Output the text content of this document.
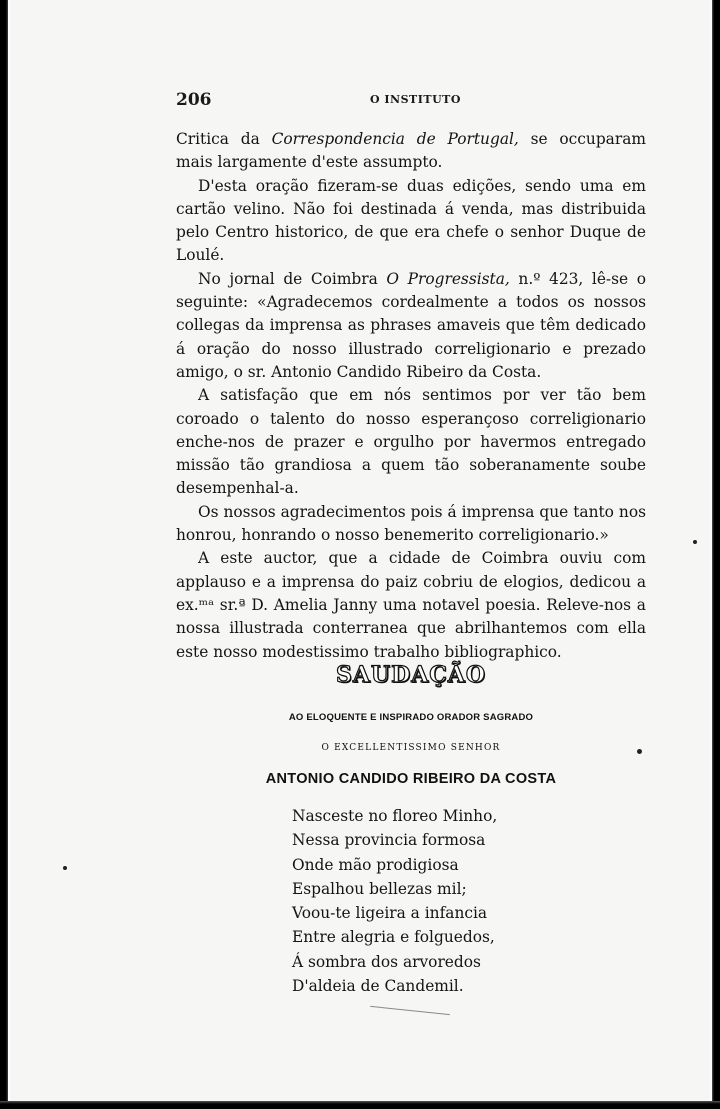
206	O INSTITUTO

Critica da Correspondencia de Portugal, se occuparam mais largamente d'este assumpto.

D'esta oração fizeram-se duas edições, sendo uma em cartão velino. Não foi destinada á venda, mas distribuida pelo Centro historico, de que era chefe o senhor Duque de Loulé.

No jornal de Coimbra O Progressista, n.º 423, lê-se o seguinte: «Agradecemos cordealmente a todos os nossos collegas da imprensa as phrases amaveis que têm dedicado á oração do nosso illustrado correligionario e prezado amigo, o sr. Antonio Candido Ribeiro da Costa.

A satisfação que em nós sentimos por ver tão bem coroado o talento do nosso esperançoso correligionario enche-nos de prazer e orgulho por havermos entregado missão tão grandiosa a quem tão soberanamente soube desempenhal-a.

Os nossos agradecimentos pois á imprensa que tanto nos honrou, honrando o nosso benemerito correligionario.»

A este auctor, que a cidade de Coimbra ouviu com applauso e a imprensa do paiz cobriu de elogios, dedicou a ex.ᵐᵃ sr.ª D. Amelia Janny uma notavel poesia. Releve-nos a nossa illustrada conterranea que abrilhantemos com ella este nosso modestissimo trabalho bibliographico.

SAUDAÇÃO
AO ELOQUENTE E INSPIRADO ORADOR SAGRADO
O EXCELLENTISSIMO SENHOR
ANTONIO CANDIDO RIBEIRO DA COSTA
Nasceste no floreo Minho,
Nessa provincia formosa
Onde mão prodigiosa
Espalhou bellezas mil;
Voou-te ligeira a infancia
Entre alegria e folguedos,
Á sombra dos arvoredos
D'aldeia de Candemil.
